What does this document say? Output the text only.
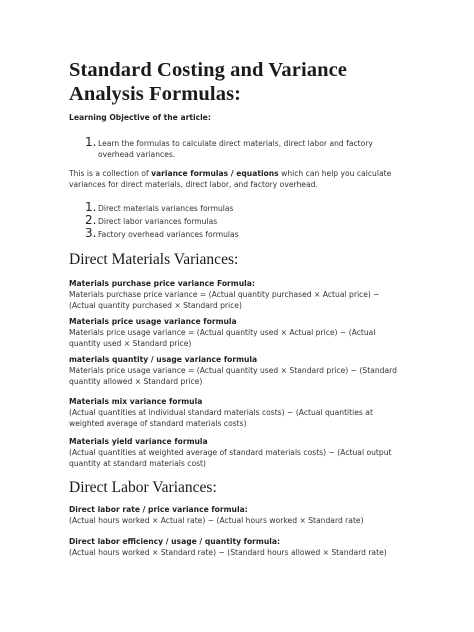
Standard Costing and Variance Analysis Formulas:
Learning Objective of the article:
1. Learn the formulas to calculate direct materials, direct labor and factory overhead variances.
This is a collection of variance formulas / equations which can help you calculate variances for direct materials, direct labor, and factory overhead.
1. Direct materials variances formulas
2. Direct labor variances formulas
3. Factory overhead variances formulas
Direct Materials Variances:
Materials purchase price variance Formula:
Materials purchase price variance = (Actual quantity purchased × Actual price) − (Actual quantity purchased × Standard price)
Materials price usage variance formula
Materials price usage variance = (Actual quantity used × Actual price) − (Actual quantity used × Standard price)
materials quantity / usage variance formula
Materials price usage variance = (Actual quantity used × Standard price) − (Standard quantity allowed × Standard price)
Materials mix variance formula
(Actual quantities at individual standard materials costs) − (Actual quantities at weighted average of standard materials costs)
Materials yield variance formula
(Actual quantities at weighted average of standard materials costs) − (Actual output quantity at standard materials cost)
Direct Labor Variances:
Direct labor rate / price variance formula:
(Actual hours worked × Actual rate) − (Actual hours worked × Standard rate)
Direct labor efficiency / usage / quantity formula:
(Actual hours worked × Standard rate) − (Standard hours allowed × Standard rate)
